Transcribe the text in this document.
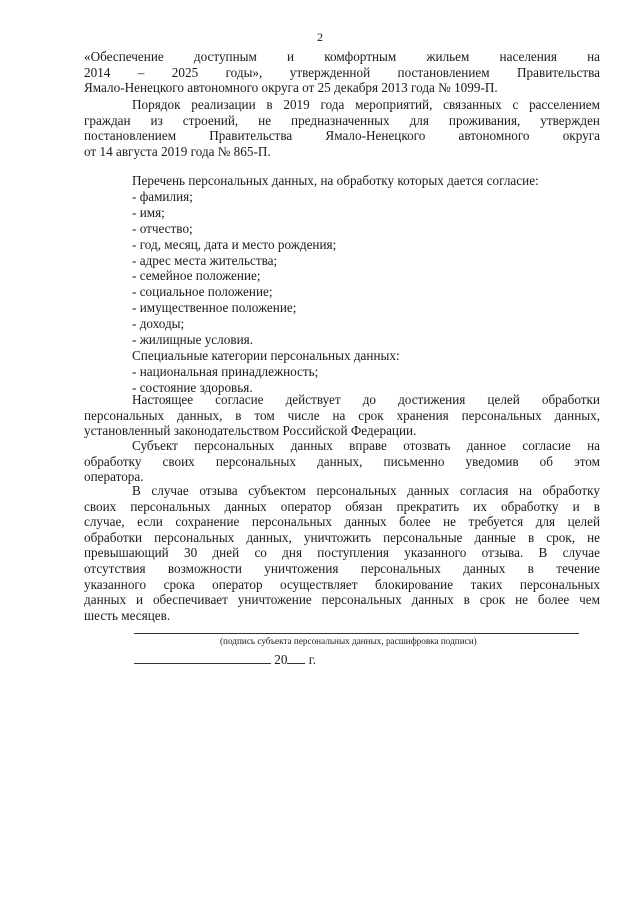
2
«Обеспечение доступным и комфортным жильем населения на
2014 – 2025 годы», утвержденной постановлением Правительства
Ямало-Ненецкого автономного округа от 25 декабря 2013 года № 1099-П.
Порядок реализации в 2019 года мероприятий, связанных с расселением
граждан из строений, не предназначенных для проживания, утвержден
постановлением Правительства Ямало-Ненецкого автономного округа
от 14 августа 2019 года № 865-П.
Перечень персональных данных, на обработку которых дается согласие:
- фамилия;
- имя;
- отчество;
- год, месяц, дата и место рождения;
- адрес места жительства;
- семейное положение;
- социальное положение;
- имущественное положение;
- доходы;
- жилищные условия.
Специальные категории персональных данных:
- национальная принадлежность;
- состояние здоровья.
Настоящее согласие действует до достижения целей обработки
персональных данных, в том числе на срок хранения персональных данных,
установленный законодательством Российской Федерации.
Субъект персональных данных вправе отозвать данное согласие на
обработку своих персональных данных, письменно уведомив об этом
оператора.
В случае отзыва субъектом персональных данных согласия на обработку
своих персональных данных оператор обязан прекратить их обработку и в
случае, если сохранение персональных данных более не требуется для целей
обработки персональных данных, уничтожить персональные данные в срок, не
превышающий 30 дней со дня поступления указанного отзыва. В случае
отсутствия возможности уничтожения персональных данных в течение
указанного срока оператор осуществляет блокирование таких персональных
данных и обеспечивает уничтожение персональных данных в срок не более чем
шесть месяцев.
(подпись субъекта персональных данных, расшифровка подписи)
20 г.
